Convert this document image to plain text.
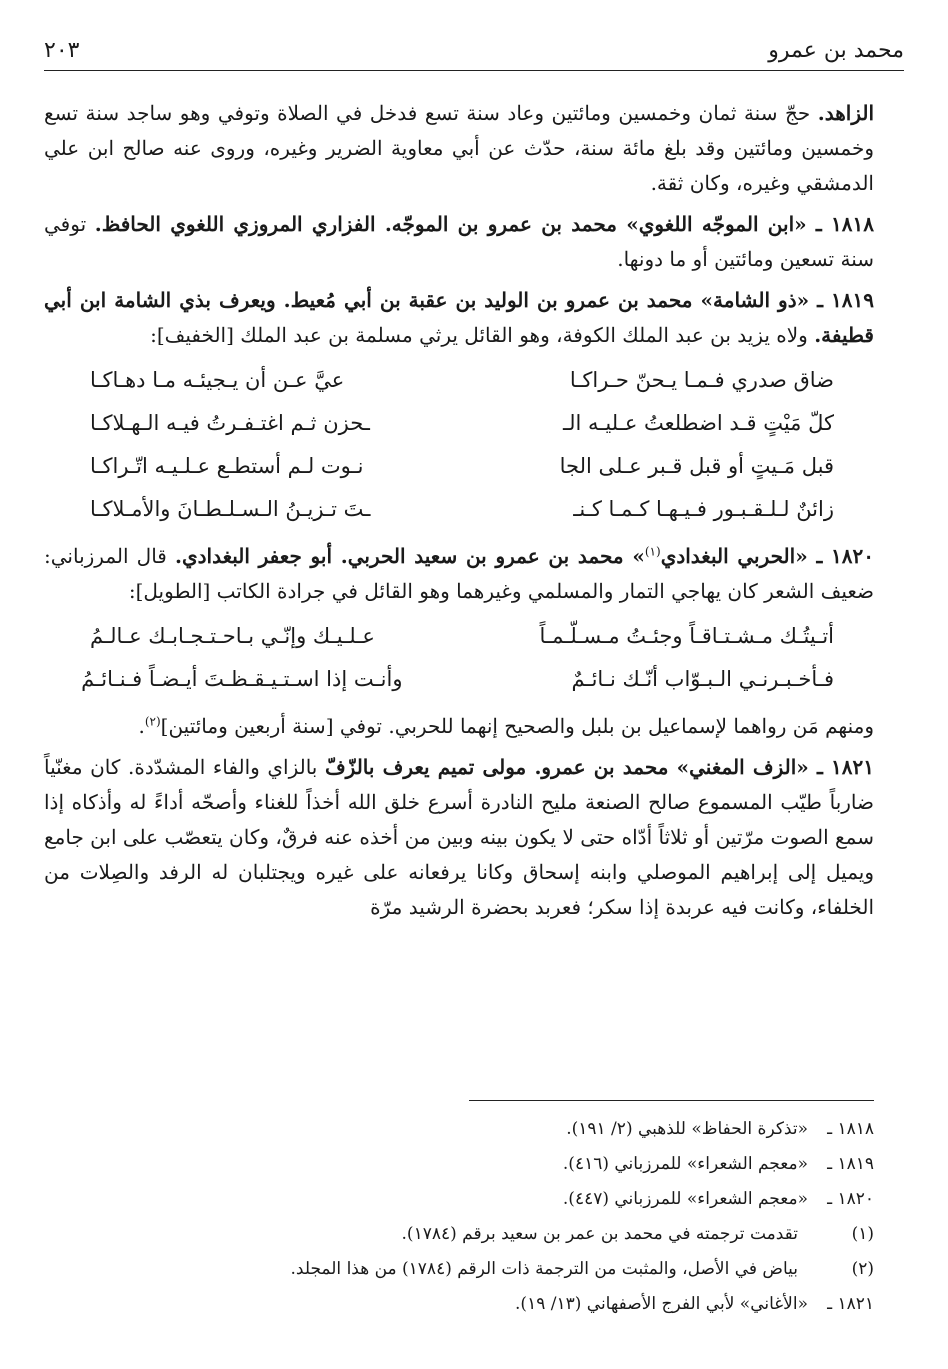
محمد بن عمرو
٢٠٣

الزاهد. حجّ سنة ثمان وخمسين ومائتين وعاد سنة تسع فدخل في الصلاة وتوفي وهو ساجد سنة تسع وخمسين ومائتين وقد بلغ مائة سنة، حدّث عن أبي معاوية الضرير وغيره، وروى عنه صالح ابن علي الدمشقي وغيره، وكان ثقة.

١٨١٨ ـ «ابن الموجّه اللغوي» محمد بن عمرو بن الموجّه. الفزاري المروزي اللغوي الحافظ. توفي سنة تسعين ومائتين أو ما دونها.

١٨١٩ ـ «ذو الشامة» محمد بن عمرو بن الوليد بن عقبة بن أبي مُعيط. ويعرف بذي الشامة ابن أبي قطيفة. ولاه يزيد بن عبد الملك الكوفة، وهو القائل يرثي مسلمة بن عبد الملك [الخفيف]:

ضاق صدري فـمـا يـحنّ حـراكـا
عيَّ عـن أن يـجيئـه مـا دهـاكـا
كلّ مَيْتٍ قـد اضطلعتُ عـليـه الـ
ـحزن ثـم اغتـفـرتُ فيـه الـهـلاكـا
قبل مَـيتٍ أو قبل قـبر عـلى الجا
نـوت لـم أستطـع عـلـيـه اتّـراكـا
زائنٌ لـلـقـبـور فـيـهـا كـمـا كـنـ
ـتَ تـزيـنُ الـسـلـطـانَ والأمـلاكـا

١٨٢٠ ـ «الحربي البغدادي$^{(١)}$» محمد بن عمرو بن سعيد الحربي. أبو جعفر البغدادي. قال المرزباني: ضعيف الشعر كان يهاجي التمار والمسلمي وغيرهما وهو القائل في جرادة الكاتب [الطويل]:

أتـيتُـك مـشـتـاقـاً وجئـتُ مـسـلّـمـاً
عـلـيـك وإنّـي بـاحـتـجـابـك عـالـمُ
فـأخـبـرنـي الـبـوّاب أنّـك نـائـمٌ
وأنـت إذا اسـتـيـقـظـتَ أيـضـاً فـنـائـمُ

ومنهم مَن رواهما لإسماعيل بن بلبل والصحيح إنهما للحربي. توفي [سنة أربعين ومائتين]$^{(٢)}$.

١٨٢١ ـ «الزف المغني» محمد بن عمرو. مولى تميم يعرف بالزّفّ بالزاي والفاء المشدّدة. كان مغنّياً ضارباً طيّب المسموع صالح الصنعة مليح النادرة أسرع خلق الله أخذاً للغناء وأصحّه أداءً له وأذكاه إذا سمع الصوت مرّتين أو ثلاثاً أدّاه حتى لا يكون بينه وبين من أخذه عنه فرقٌ، وكان يتعصّب على ابن جامع ويميل إلى إبراهيم الموصلي وابنه إسحاق وكانا يرفعانه على غيره ويجتلبان له الرفد والصِلات من الخلفاء، وكانت فيه عربدة إذا سكر؛ فعربد بحضرة الرشيد مرّة

١٨١٨ ـ
«تذكرة الحفاظ» للذهبي (٢/ ١٩١).
١٨١٩ ـ
«معجم الشعراء» للمرزباني (٤١٦).
١٨٢٠ ـ
«معجم الشعراء» للمرزباني (٤٤٧).
(١)
تقدمت ترجمته في محمد بن عمر بن سعيد برقم (١٧٨٤).
(٢)
بياض في الأصل، والمثبت من الترجمة ذات الرقم (١٧٨٤) من هذا المجلد.
١٨٢١ ـ
«الأغاني» لأبي الفرج الأصفهاني (١٣/ ١٩).
